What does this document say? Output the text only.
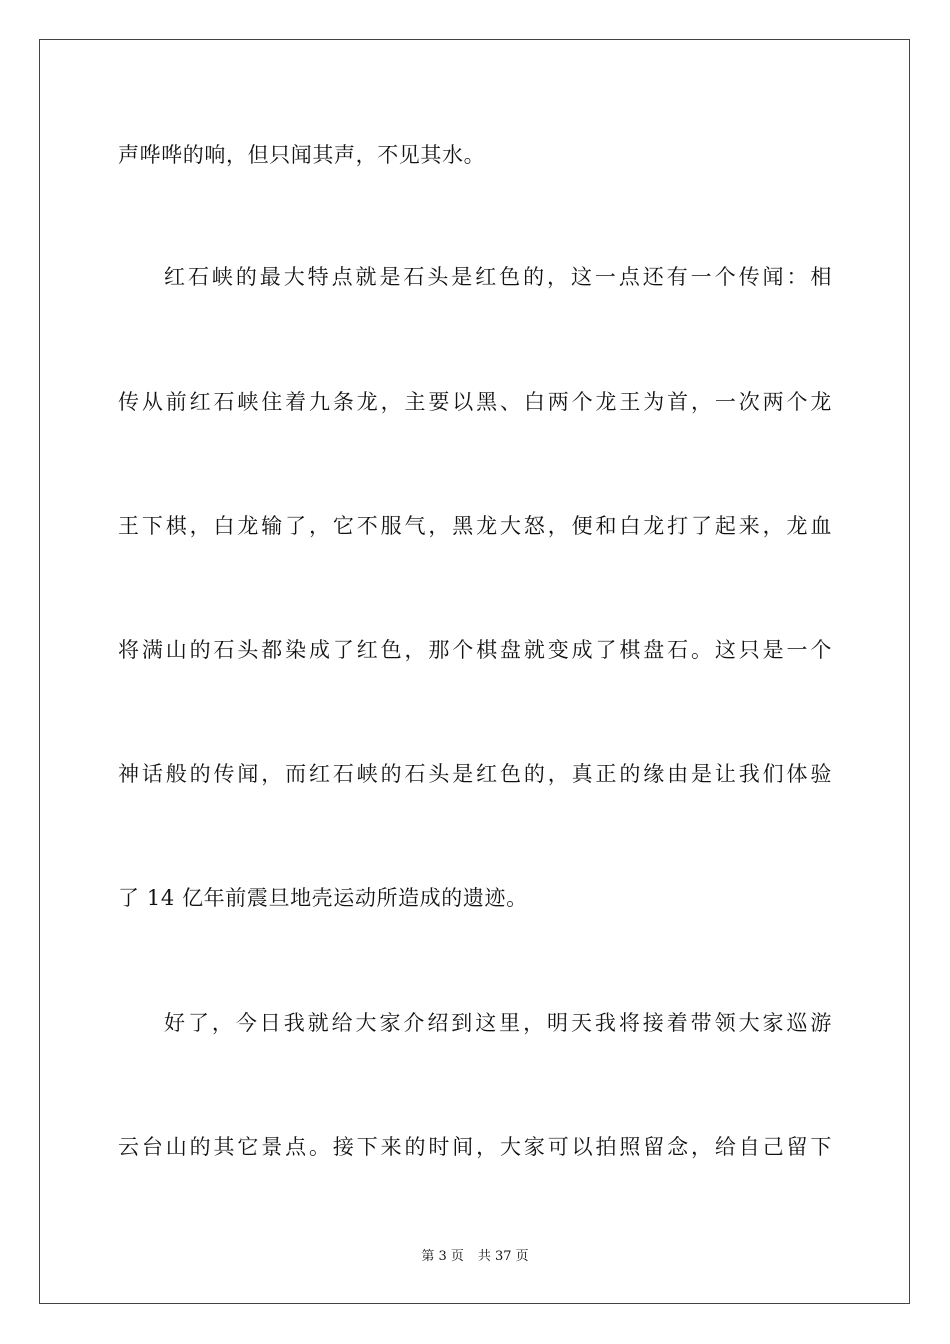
声哗哗的响，但只闻其声，不见其水。
红石峡的最大特点就是石头是红色的，这一点还有一个传闻：相
传从前红石峡住着九条龙，主要以黑、白两个龙王为首，一次两个龙
王下棋，白龙输了，它不服气，黑龙大怒，便和白龙打了起来，龙血
将满山的石头都染成了红色，那个棋盘就变成了棋盘石。这只是一个
神话般的传闻，而红石峡的石头是红色的，真正的缘由是让我们体验
了 14 亿年前震旦地壳运动所造成的遗迹。
好了，今日我就给大家介绍到这里，明天我将接着带领大家巡游
云台山的其它景点。接下来的时间，大家可以拍照留念，给自己留下
第 3 页 共 37 页
